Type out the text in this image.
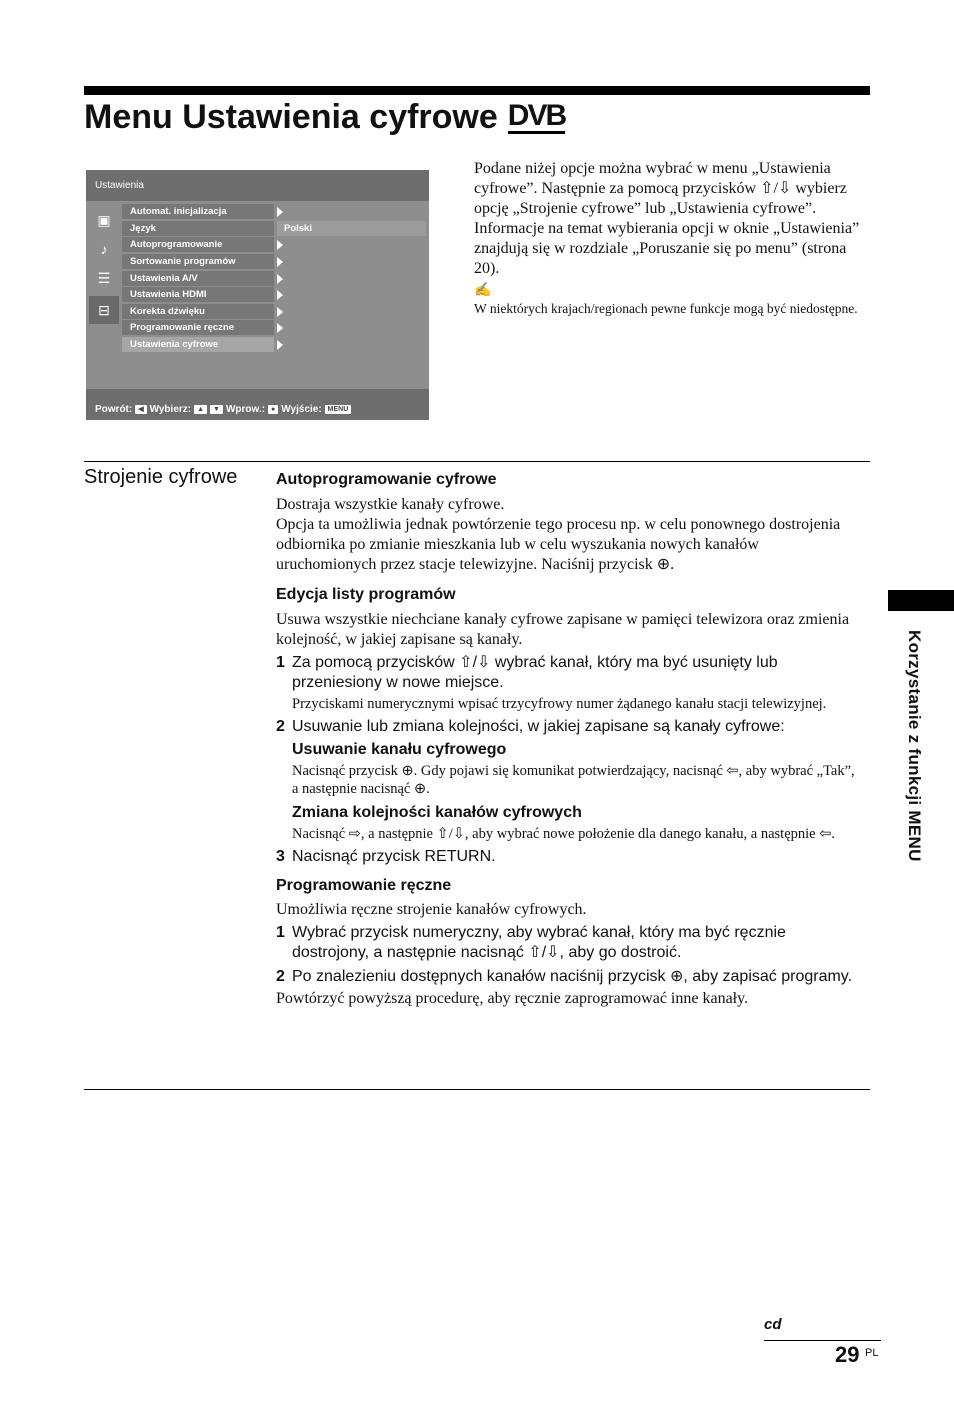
Menu Ustawienia cyfrowe DVB
Ustawienia
▣
♪
☰
⊟
Automat. inicjalizacja
Język	Polski
Autoprogramowanie
Sortowanie programów
Ustawienia A/V
Ustawienia HDMI
Korekta dźwięku
Programowanie ręczne
Ustawienia cyfrowe
Powrót: ◀ Wybierz: ▲	▼ Wprow.: ● Wyjście: MENU
Podane niżej opcje można wybrać w menu „Ustawienia cyfrowe”. Następnie za pomocą przycisków ⇧/⇩ wybierz opcję „Strojenie cyfrowe” lub „Ustawienia cyfrowe”. Informacje na temat wybierania opcji w oknie „Ustawienia” znajdują się w rozdziale „Poruszanie się po menu” (strona 20).
✍
W niektórych krajach/regionach pewne funkcje mogą być niedostępne.
Strojenie cyfrowe Autoprogramowanie cyfrowe
Dostraja wszystkie kanały cyfrowe.
Opcja ta umożliwia jednak powtórzenie tego procesu np. w celu ponownego dostrojenia odbiornika po zmianie mieszkania lub w celu wyszukania nowych kanałów uruchomionych przez stacje telewizyjne. Naciśnij przycisk ⊕.
Edycja listy programów
Usuwa wszystkie niechciane kanały cyfrowe zapisane w pamięci telewizora oraz zmienia kolejność, w jakiej zapisane są kanały.
1 Za pomocą przycisków ⇧/⇩ wybrać kanał, który ma być usunięty lub przeniesiony w nowe miejsce.
Przyciskami numerycznymi wpisać trzycyfrowy numer żądanego kanału stacji telewizyjnej.
2 Usuwanie lub zmiana kolejności, w jakiej zapisane są kanały cyfrowe:
Usuwanie kanału cyfrowego
Nacisnąć przycisk ⊕. Gdy pojawi się komunikat potwierdzający, nacisnąć ⇦, aby wybrać „Tak”, a następnie nacisnąć ⊕.
Zmiana kolejności kanałów cyfrowych
Nacisnąć ⇨, a następnie ⇧/⇩, aby wybrać nowe położenie dla danego kanału, a następnie ⇦.
3 Nacisnąć przycisk RETURN.
Programowanie ręczne
Umożliwia ręczne strojenie kanałów cyfrowych.
1 Wybrać przycisk numeryczny, aby wybrać kanał, który ma być ręcznie dostrojony, a następnie nacisnąć ⇧/⇩, aby go dostroić.
2 Po znalezieniu dostępnych kanałów naciśnij przycisk ⊕, aby zapisać programy.
Powtórzyć powyższą procedurę, aby ręcznie zaprogramować inne kanały.
Korzystanie z funkcji MENU
cd
29 PL
